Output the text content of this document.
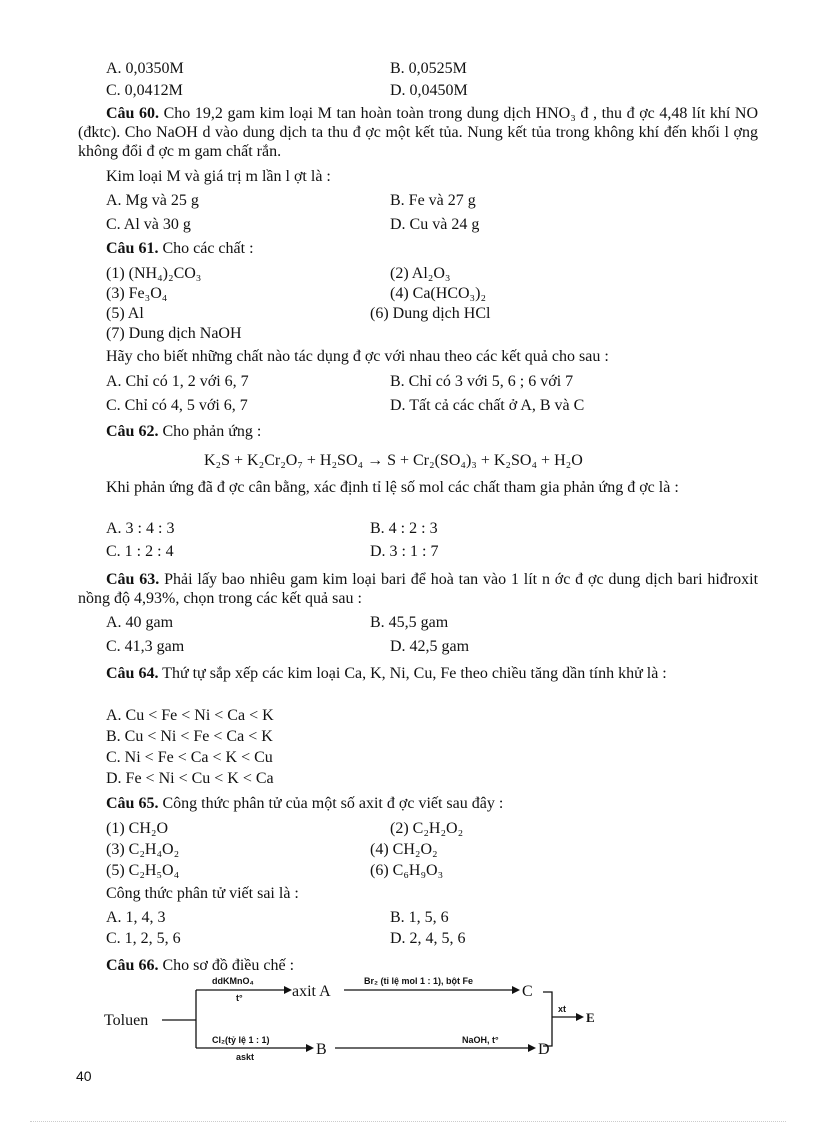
A. 0,0350M	B. 0,0525M
C. 0,0412M	D. 0,0450M
Câu 60. Cho 19,2 gam kim loại M tan hoàn toàn trong dung dịch HNO₃ đ , thu đ ợc 4,48 lít khí NO (đktc). Cho NaOH d vào dung dịch ta thu đ ợc một kết tủa. Nung kết tủa trong không khí đến khối l ợng không đổi đ ợc m gam chất rắn.
Kim loại M và giá trị m lần l ợt là :
A. Mg và 25 g	B. Fe và 27 g
C. Al và 30 g	D. Cu và 24 g
Câu 61. Cho các chất :
(1) (NH₄)₂CO₃	(2) Al₂O₃
(3) Fe₃O₄	(4) Ca(HCO₃)₂
(5) Al	(6) Dung dịch HCl
(7) Dung dịch NaOH
Hãy cho biết những chất nào tác dụng đ ợc với nhau theo các kết quả cho sau :
A. Chỉ có 1, 2 với 6, 7	B. Chỉ có 3 với 5, 6 ; 6 với 7
C. Chỉ có 4, 5 với 6, 7	D. Tất cả các chất ở A, B và C
Câu 62. Cho phản ứng :
K₂S + K₂Cr₂O₇ + H₂SO₄ → S + Cr₂(SO₄)₃ + K₂SO₄ + H₂O
Khi phản ứng đã đ ợc cân bằng, xác định tỉ lệ số mol các chất tham gia phản ứng đ ợc là :
A. 3 : 4 : 3	B. 4 : 2 : 3
C. 1 : 2 : 4	D. 3 : 1 : 7
Câu 63. Phải lấy bao nhiêu gam kim loại bari để hoà tan vào 1 lít n ớc đ ợc dung dịch bari hiđroxit nồng độ 4,93%, chọn trong các kết quả sau :
A. 40 gam	B. 45,5 gam
C. 41,3 gam	D. 42,5 gam
Câu 64. Thứ tự sắp xếp các kim loại Ca, K, Ni, Cu, Fe theo chiều tăng dần tính khử là :
A. Cu < Fe < Ni < Ca < K
B. Cu < Ni < Fe < Ca < K
C. Ni < Fe < Ca < K < Cu
D. Fe < Ni < Cu < K < Ca
Câu 65. Công thức phân tử của một số axit đ ợc viết sau đây :
(1) CH₂O	(2) C₂H₂O₂
(3) C₂H₄O₂	(4) CH₂O₂
(5) C₂H₅O₄	(6) C₆H₉O₃
Công thức phân tử viết sai là :
A. 1, 4, 3	B. 1, 5, 6
C. 1, 2, 5, 6	D. 2, 4, 5, 6
Câu 66. Cho sơ đồ điều chế :
Toluen
ddKMnO₄
t°	axit A
Br₂ (tỉ lệ mol 1 : 1), bột Fe
C
Cl₂(tỷ lệ 1 : 1)
askt	B
NaOH, t°
D
xt
E
40
